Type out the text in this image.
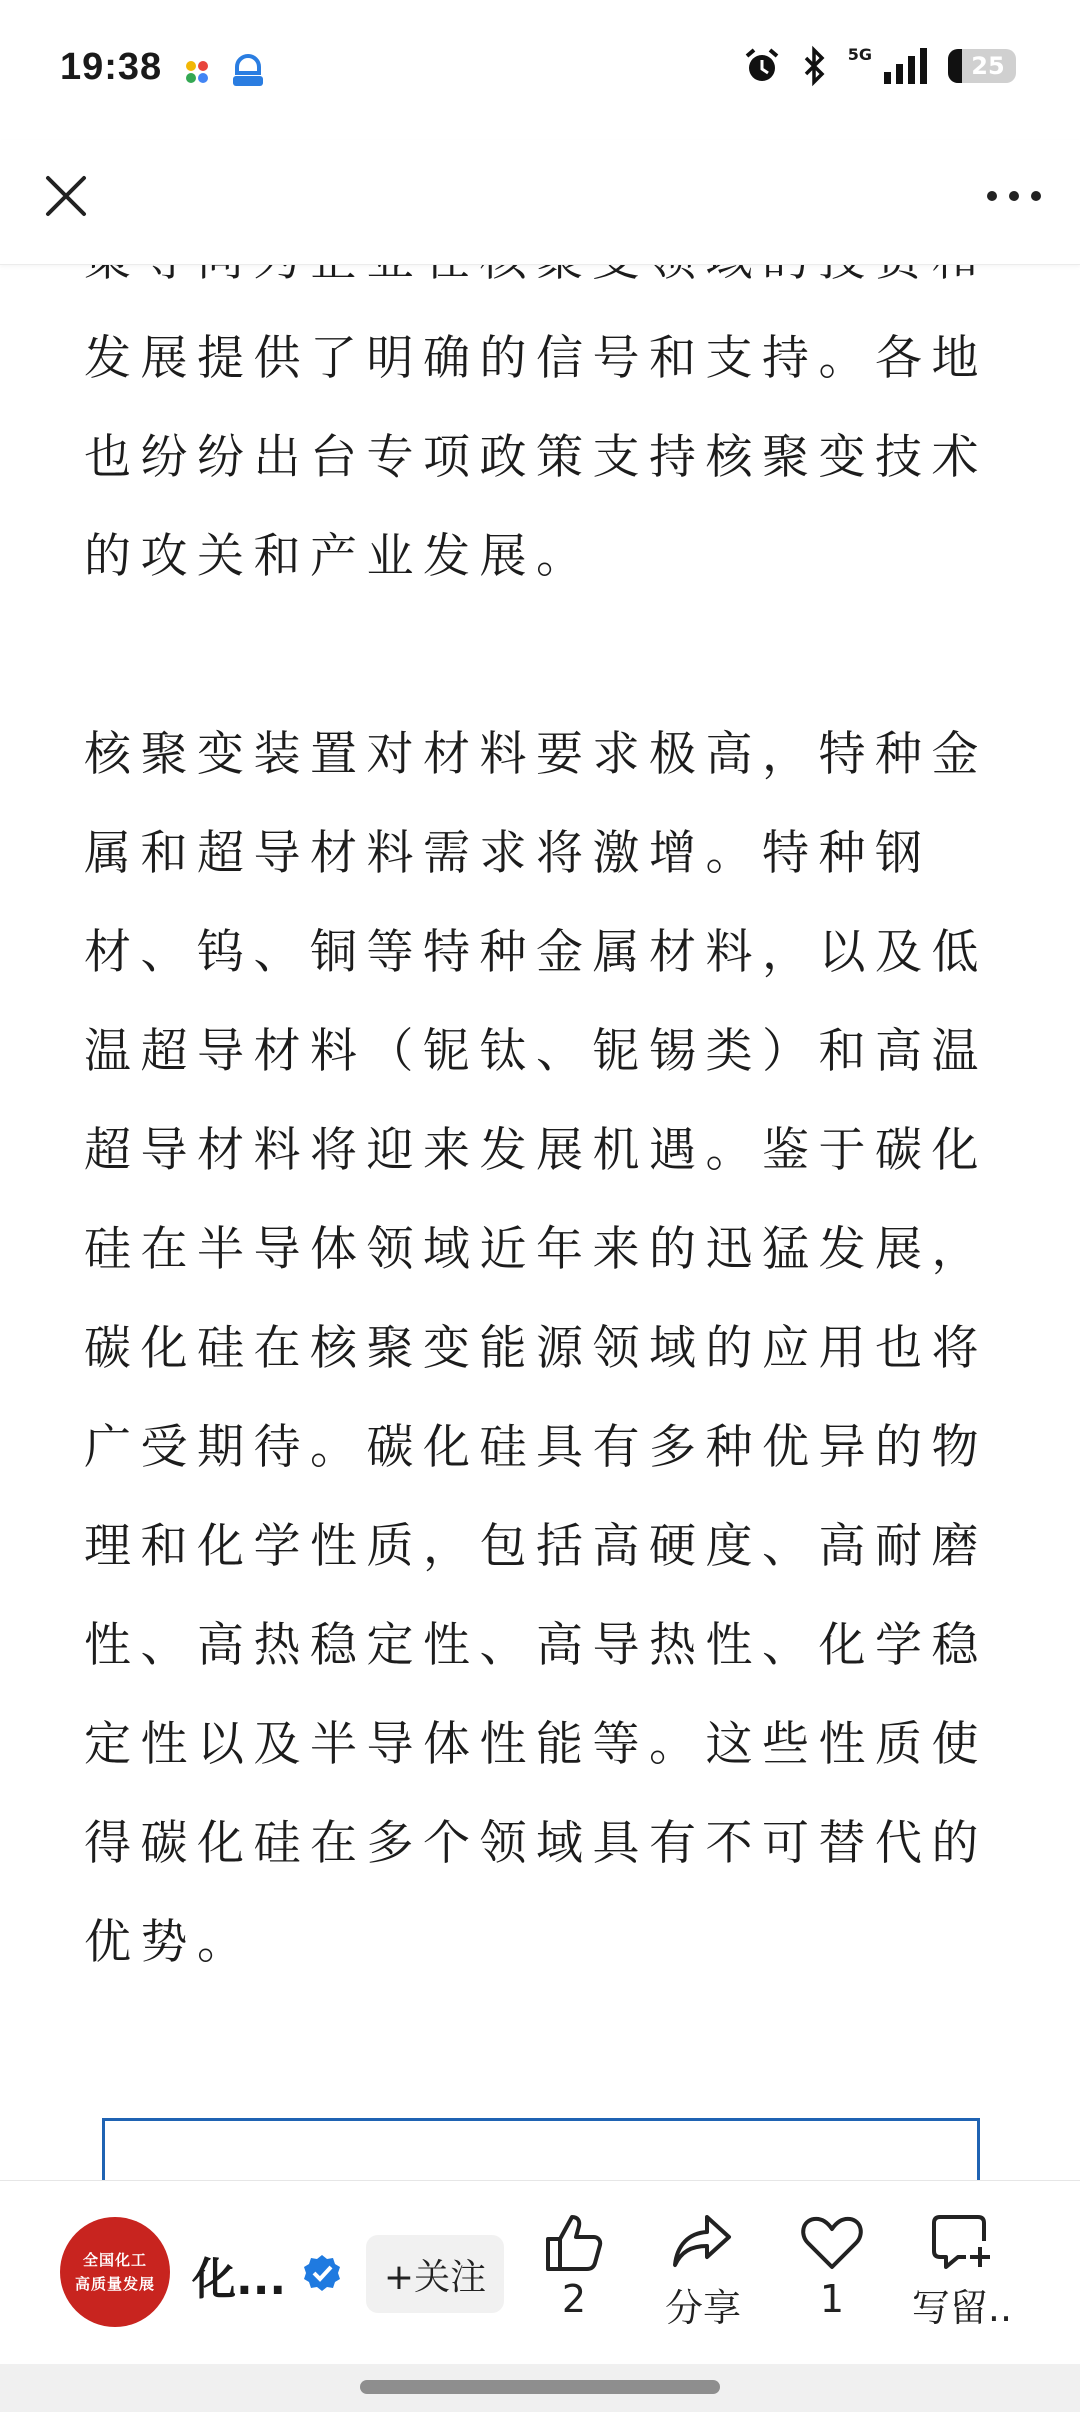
19:38	5G	25

发展提供了明确的信号和支持。各地也纷纷出台专项政策支持核聚变技术的攻关和产业发展。

核聚变装置对材料要求极高，特种金属和超导材料需求将激增。特种钢材、钨、铜等特种金属材料，以及低温超导材料（铌钛、铌锡类）和高温超导材料将迎来发展机遇。鉴于碳化硅在半导体领域近年来的迅猛发展，碳化硅在核聚变能源领域的应用也将广受期待。碳化硅具有多种优异的物理和化学性质，包括高硬度、高耐磨性、高热稳定性、高导热性、化学稳定性以及半导体性能等。这些性质使得碳化硅在多个领域具有不可替代的优势。

全国化工
高质量发展 化...	+关注	2 分享 1 写留..
